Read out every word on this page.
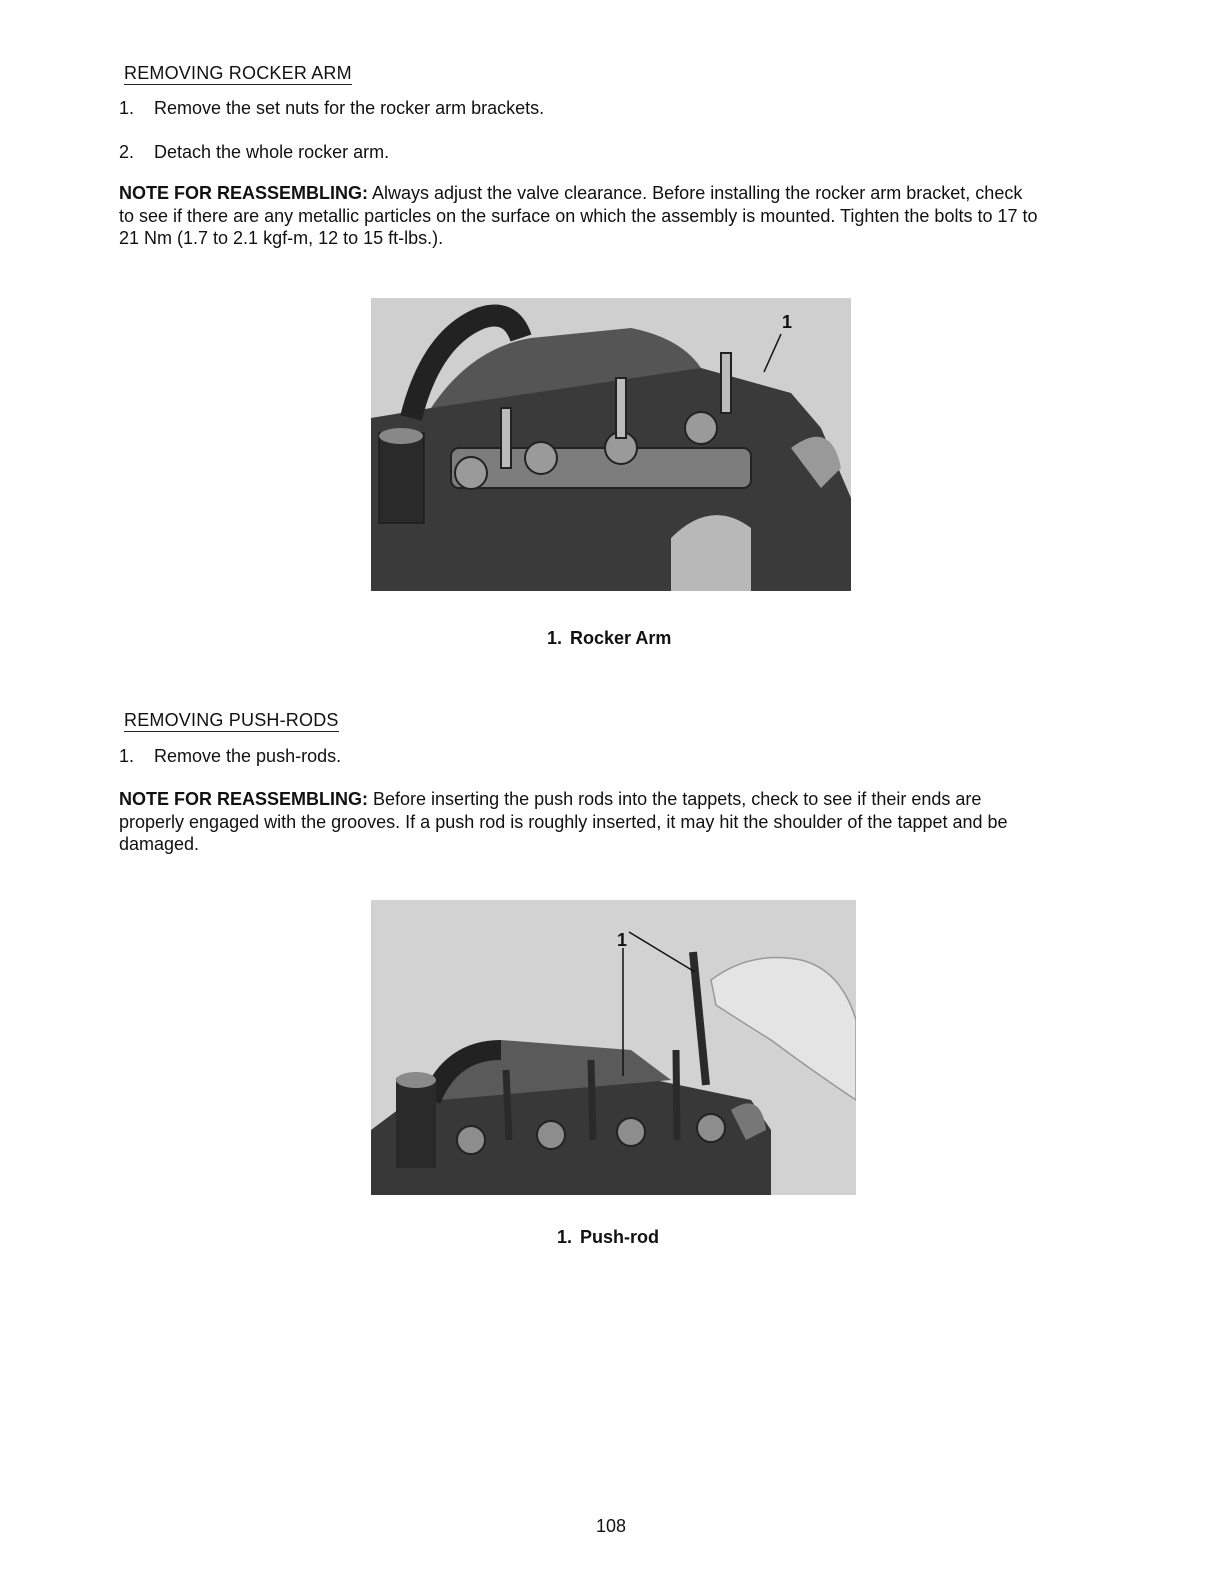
REMOVING ROCKER ARM
1. Remove the set nuts for the rocker arm brackets.
2. Detach the whole rocker arm.
NOTE FOR REASSEMBLING: Always adjust the valve clearance. Before installing the rocker arm bracket, check to see if there are any metallic particles on the surface on which the assembly is mounted. Tighten the bolts to 17 to 21 Nm (1.7 to 2.1 kgf-m, 12 to 15 ft-lbs.).
1
1. Rocker Arm
REMOVING PUSH-RODS
1. Remove the push-rods.
NOTE FOR REASSEMBLING: Before inserting the push rods into the tappets, check to see if their ends are properly engaged with the grooves. If a push rod is roughly inserted, it may hit the shoulder of the tappet and be damaged.
1
1. Push-rod
108
